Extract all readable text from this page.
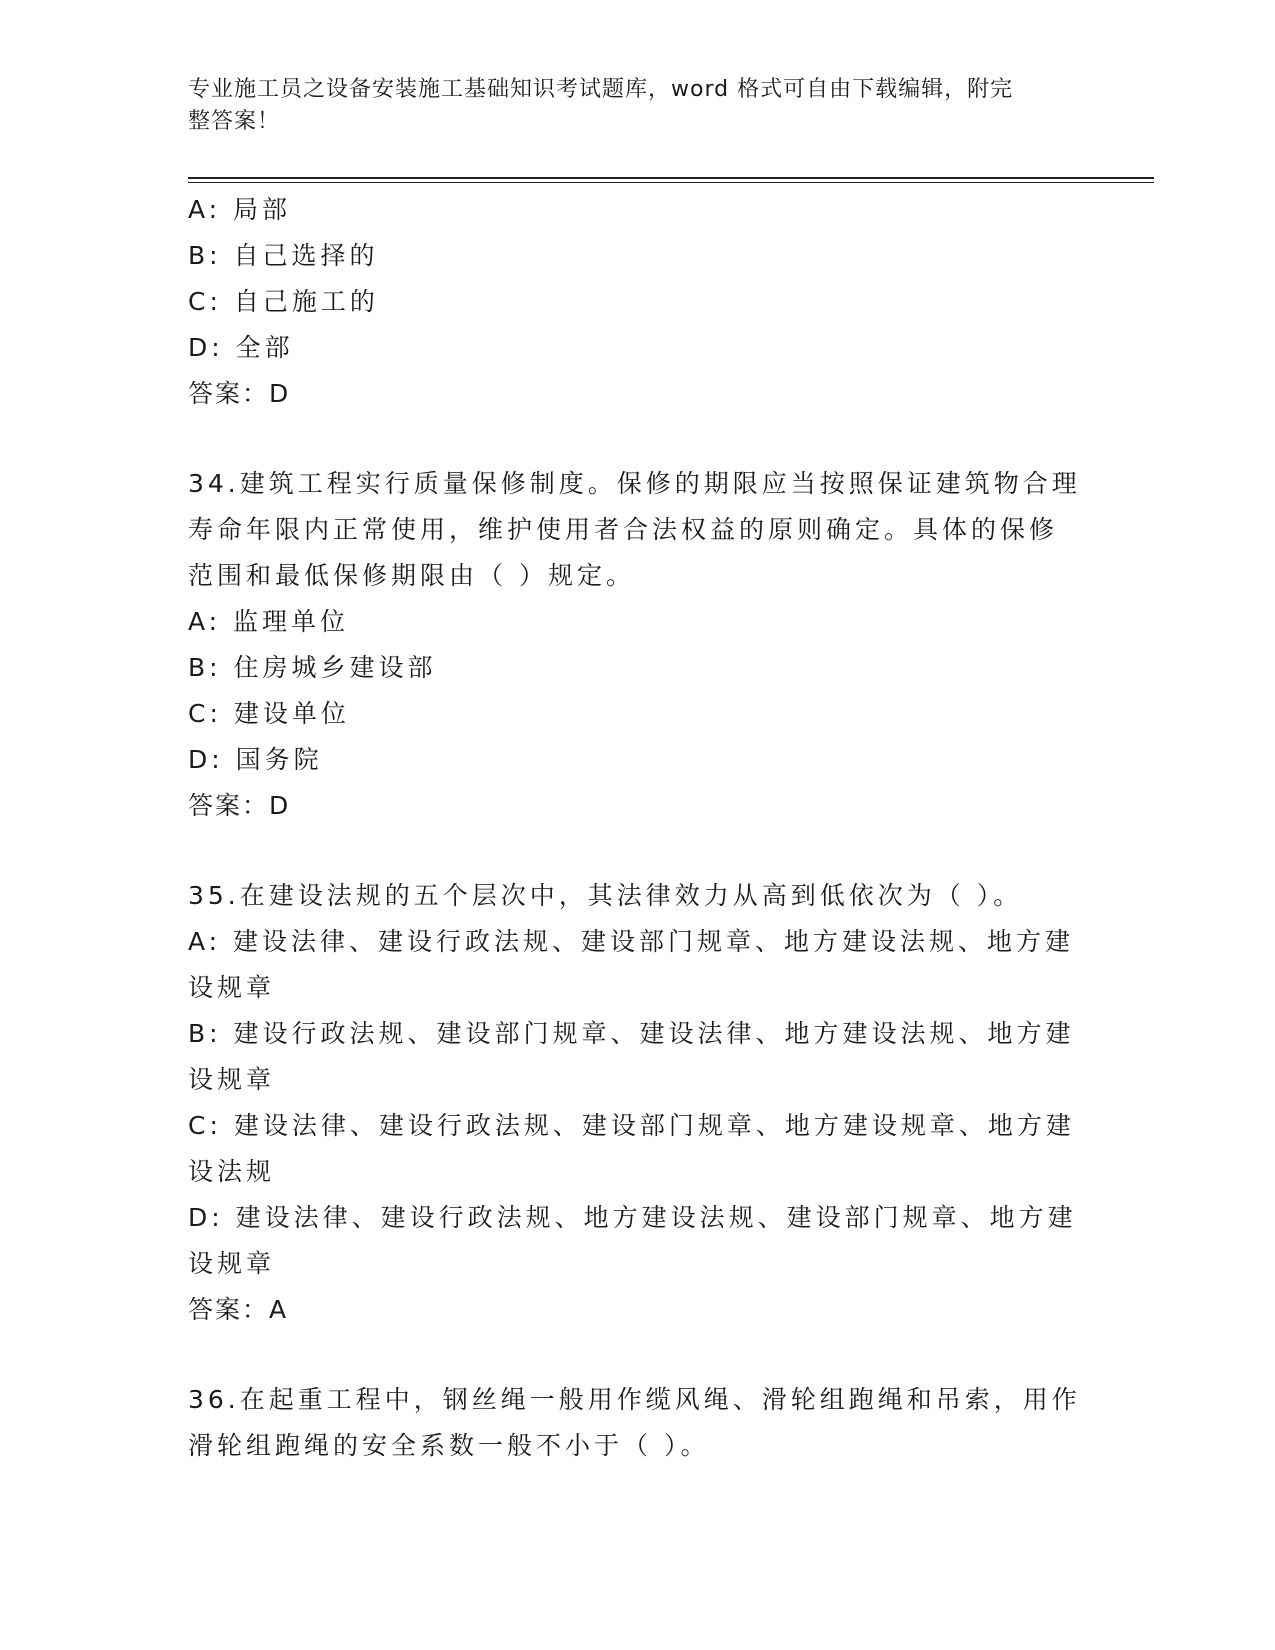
专业施工员之设备安装施工基础知识考试题库，word 格式可自由下载编辑，附完
整答案！
A: 局部
B: 自己选择的
C: 自己施工的
D: 全部
答案：D
34.建筑工程实行质量保修制度。保修的期限应当按照保证建筑物合理
寿命年限内正常使用，维护使用者合法权益的原则确定。具体的保修
范围和最低保修期限由（ ）规定。
A: 监理单位
B: 住房城乡建设部
C: 建设单位
D: 国务院
答案：D
35.在建设法规的五个层次中，其法律效力从高到低依次为（ ）。
A: 建设法律、建设行政法规、建设部门规章、地方建设法规、地方建
设规章
B: 建设行政法规、建设部门规章、建设法律、地方建设法规、地方建
设规章
C: 建设法律、建设行政法规、建设部门规章、地方建设规章、地方建
设法规
D: 建设法律、建设行政法规、地方建设法规、建设部门规章、地方建
设规章
答案：A
36.在起重工程中，钢丝绳一般用作缆风绳、滑轮组跑绳和吊索，用作
滑轮组跑绳的安全系数一般不小于（ ）。
